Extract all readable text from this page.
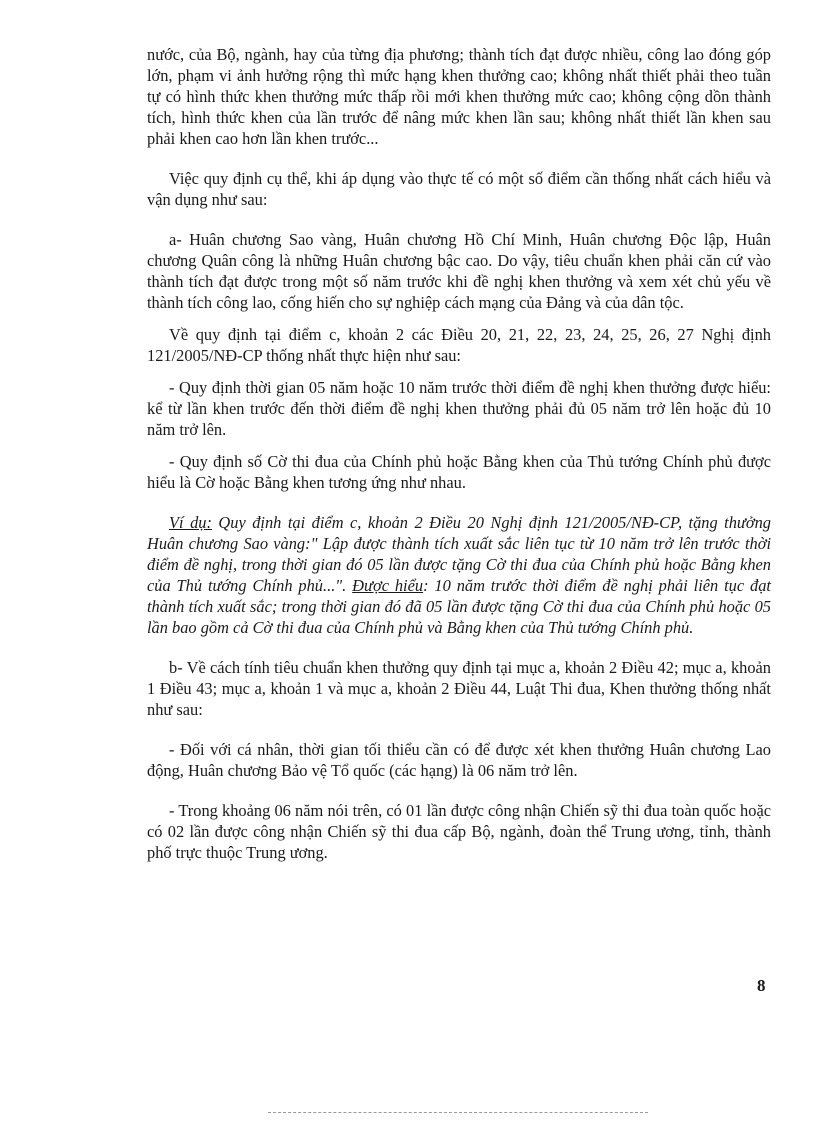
nước, của Bộ, ngành, hay của từng địa phương; thành tích đạt được nhiều, công lao đóng góp lớn, phạm vi ảnh hưởng rộng thì mức hạng khen thưởng cao; không nhất thiết phải theo tuần tự có hình thức khen thưởng mức thấp rồi mới khen thưởng mức cao; không cộng dồn thành tích, hình thức khen của lần trước để nâng mức khen lần sau; không nhất thiết lần khen sau phải khen cao hơn lần khen trước...

Việc quy định cụ thể, khi áp dụng vào thực tế có một số điểm cần thống nhất cách hiểu và vận dụng như sau:

a- Huân chương Sao vàng, Huân chương Hồ Chí Minh, Huân chương Độc lập, Huân chương Quân công là những Huân chương bậc cao. Do vậy, tiêu chuẩn khen phải căn cứ vào thành tích đạt được trong một số năm trước khi đề nghị khen thưởng và xem xét chủ yếu về thành tích công lao, cống hiến cho sự nghiệp cách mạng của Đảng và của dân tộc.

Về quy định tại điểm c, khoản 2 các Điều 20, 21, 22, 23, 24, 25, 26, 27 Nghị định 121/2005/NĐ-CP thống nhất thực hiện như sau:

- Quy định thời gian 05 năm hoặc 10 năm trước thời điểm đề nghị khen thưởng được hiểu: kể từ lần khen trước đến thời điểm đề nghị khen thưởng phải đủ 05 năm trở lên hoặc đủ 10 năm trở lên.

- Quy định số Cờ thi đua của Chính phủ hoặc Bằng khen của Thủ tướng Chính phủ được hiểu là Cờ hoặc Bằng khen tương ứng như nhau.

Ví dụ: Quy định tại điểm c, khoản 2 Điều 20 Nghị định 121/2005/NĐ-CP, tặng thưởng Huân chương Sao vàng:" Lập được thành tích xuất sắc liên tục từ 10 năm trở lên trước thời điểm đề nghị, trong thời gian đó 05 lần được tặng Cờ thi đua của Chính phủ hoặc Bằng khen của Thủ tướng Chính phủ...". Được hiểu: 10 năm trước thời điểm đề nghị phải liên tục đạt thành tích xuất sắc; trong thời gian đó đã 05 lần được tặng Cờ thi đua của Chính phủ hoặc 05 lần bao gồm cả Cờ thi đua của Chính phủ và Bằng khen của Thủ tướng Chính phủ.

b- Về cách tính tiêu chuẩn khen thưởng quy định tại mục a, khoản 2 Điều 42; mục a, khoản 1 Điều 43; mục a, khoản 1 và mục a, khoản 2 Điều 44, Luật Thi đua, Khen thưởng thống nhất như sau:

- Đối với cá nhân, thời gian tối thiểu cần có để được xét khen thưởng Huân chương Lao động, Huân chương Bảo vệ Tổ quốc (các hạng) là 06 năm trở lên.

- Trong khoảng 06 năm nói trên, có 01 lần được công nhận Chiến sỹ thi đua toàn quốc hoặc có 02 lần được công nhận Chiến sỹ thi đua cấp Bộ, ngành, đoàn thể Trung ương, tỉnh, thành phố trực thuộc Trung ương.

8
